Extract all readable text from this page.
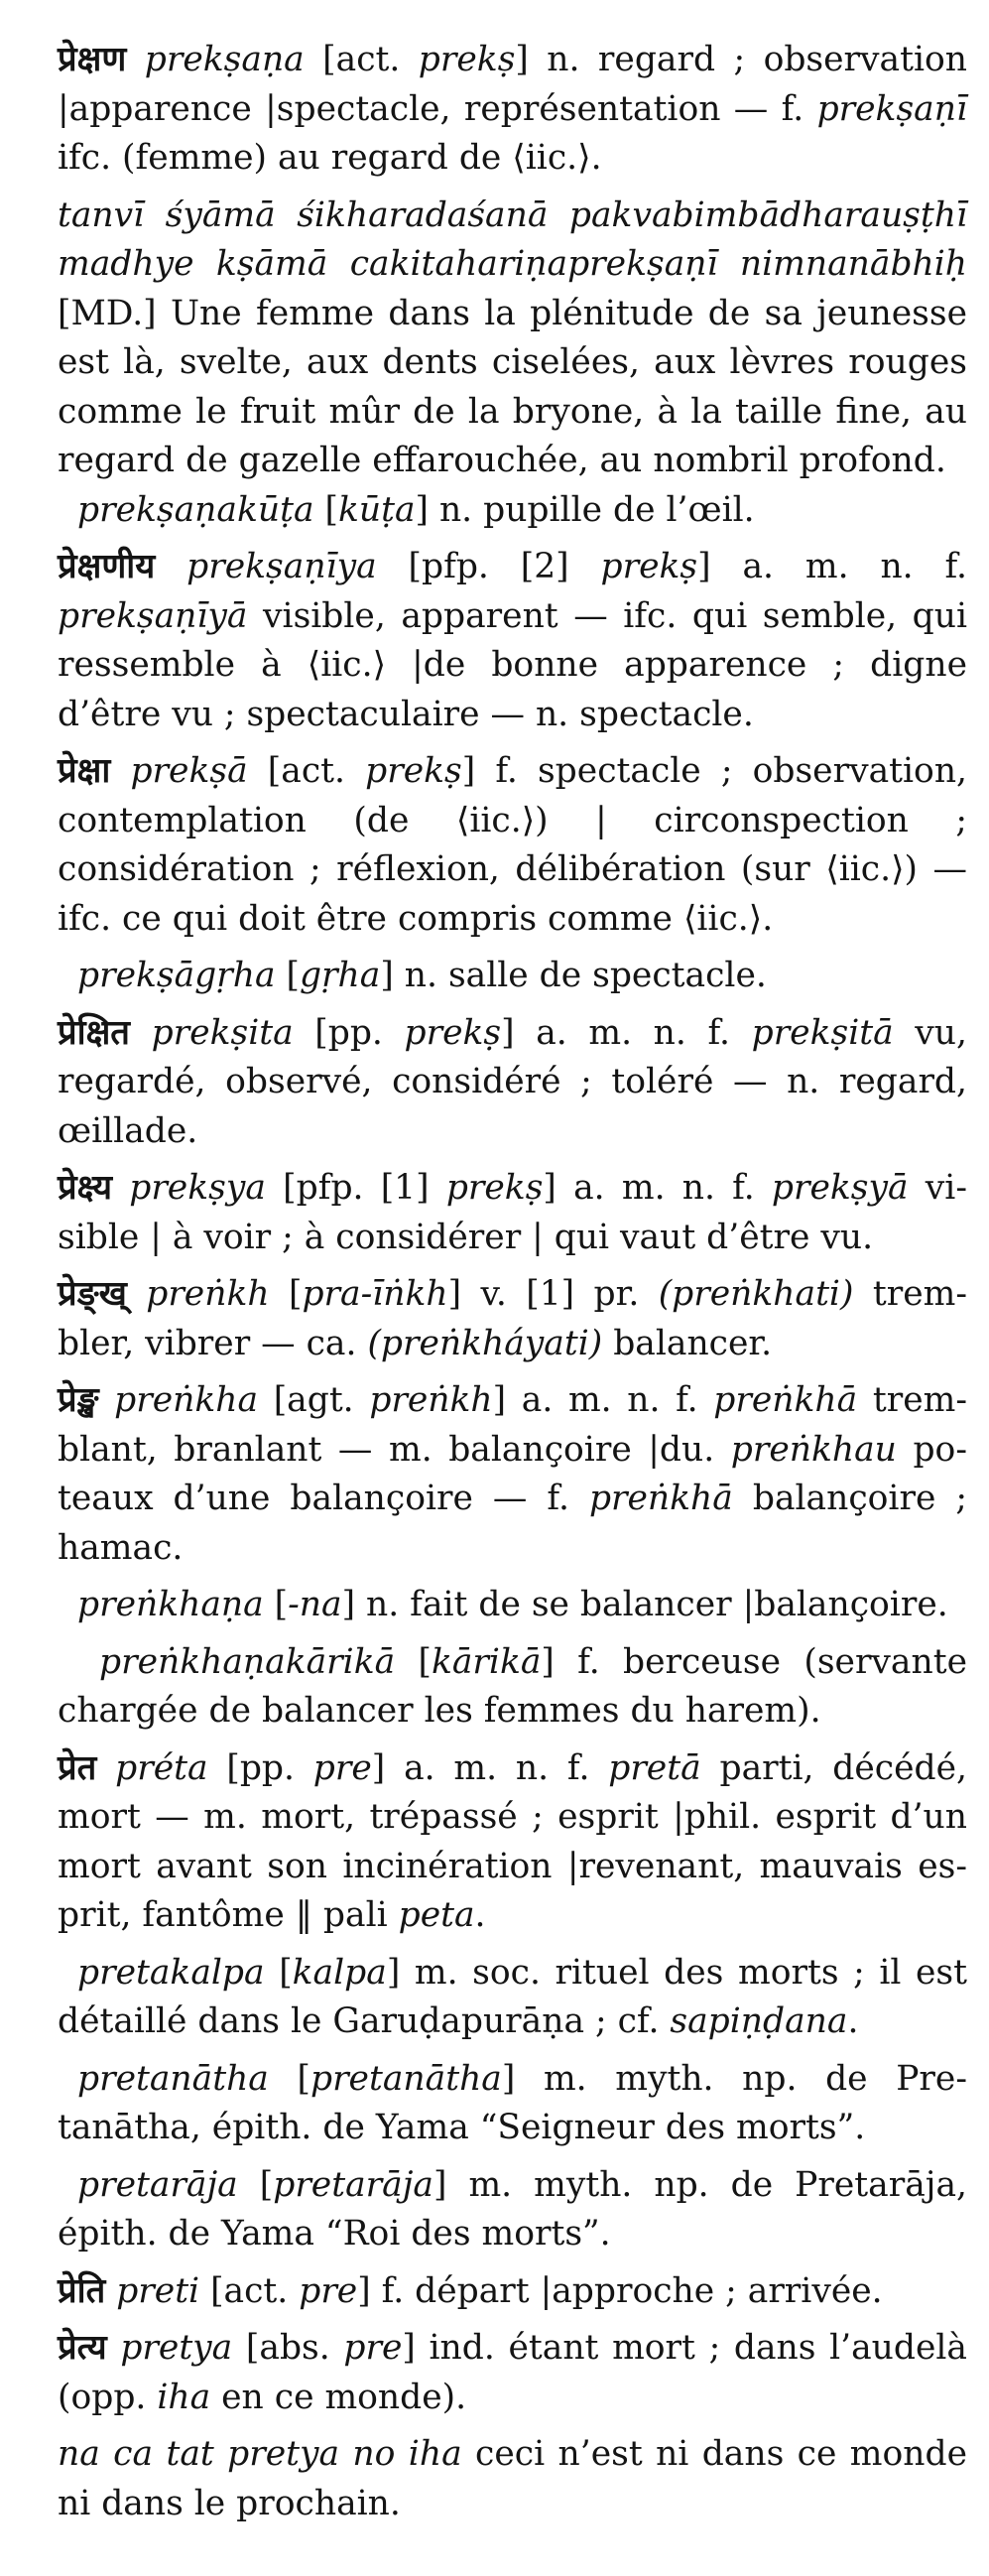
प्रेक्षण prekṣaṇa [act. prekṣ] n. regard ; observation |apparence |spectacle, représentation — f. prekṣaṇī ifc. (femme) au regard de ⟨iic.⟩.

tanvī śyāmā śikharadaśanā pakvabimbādharauṣṭhī madhye kṣāmā cakitahariṇaprekṣaṇī nimnanābhiḥ [MD.] Une femme dans la plénitude de sa jeunesse est là, svelte, aux dents ciselées, aux lèvres rouges comme le fruit mûr de la bryone, à la taille fine, au regard de gazelle effarouchée, au nombril profond.

prekṣaṇakūṭa [kūṭa] n. pupille de l’œil.

प्रेक्षणीय prekṣaṇīya [pfp. [2] prekṣ] a. m. n. f. prekṣaṇīyā visible, apparent — ifc. qui semble, qui ressemble à ⟨iic.⟩ |de bonne apparence ; digne d’être vu ; spectaculaire — n. spectacle.

प्रेक्षा prekṣā [act. prekṣ] f. spectacle ; observation, contemplation (de ⟨iic.⟩) | circonspection ; considération ; réflexion, délibération (sur ⟨iic.⟩) — ifc. ce qui doit être compris comme ⟨iic.⟩.

prekṣāgṛha [gṛha] n. salle de spectacle.

प्रेक्षित prekṣita [pp. prekṣ] a. m. n. f. prekṣitā vu, regardé, observé, considéré ; toléré — n. regard, œillade.

प्रेक्ष्य prekṣya [pfp. [1] prekṣ] a. m. n. f. prekṣyā visible | à voir ; à considérer | qui vaut d’être vu.

प्रेङ्ख् preṅkh [pra-īṅkh] v. [1] pr. (preṅkhati) trembler, vibrer — ca. (preṅkháyati) balancer.

प्रेङ्ख preṅkha [agt. preṅkh] a. m. n. f. preṅkhā tremblant, branlant — m. balançoire |du. preṅkhau poteaux d’une balançoire — f. preṅkhā balançoire ; hamac.

preṅkhaṇa [-na] n. fait de se balancer |balançoire.

preṅkhaṇakārikā [kārikā] f. berceuse (servante chargée de balancer les femmes du harem).

प्रेत préta [pp. pre] a. m. n. f. pretā parti, décédé, mort — m. mort, trépassé ; esprit |phil. esprit d’un mort avant son incinération |revenant, mauvais esprit, fantôme ‖ pali peta.

pretakalpa [kalpa] m. soc. rituel des morts ; il est détaillé dans le Garuḍapurāṇa ; cf. sapiṇḍana.

pretanātha [pretanātha] m. myth. np. de Pretanātha, épith. de Yama “Seigneur des morts”.

pretarāja [pretarāja] m. myth. np. de Pretarāja, épith. de Yama “Roi des morts”.

प्रेति preti [act. pre] f. départ |approche ; arrivée.

प्रेत्य pretya [abs. pre] ind. étant mort ; dans l’audelà (opp. iha en ce monde).

na ca tat pretya no iha ceci n’est ni dans ce monde ni dans le prochain.
